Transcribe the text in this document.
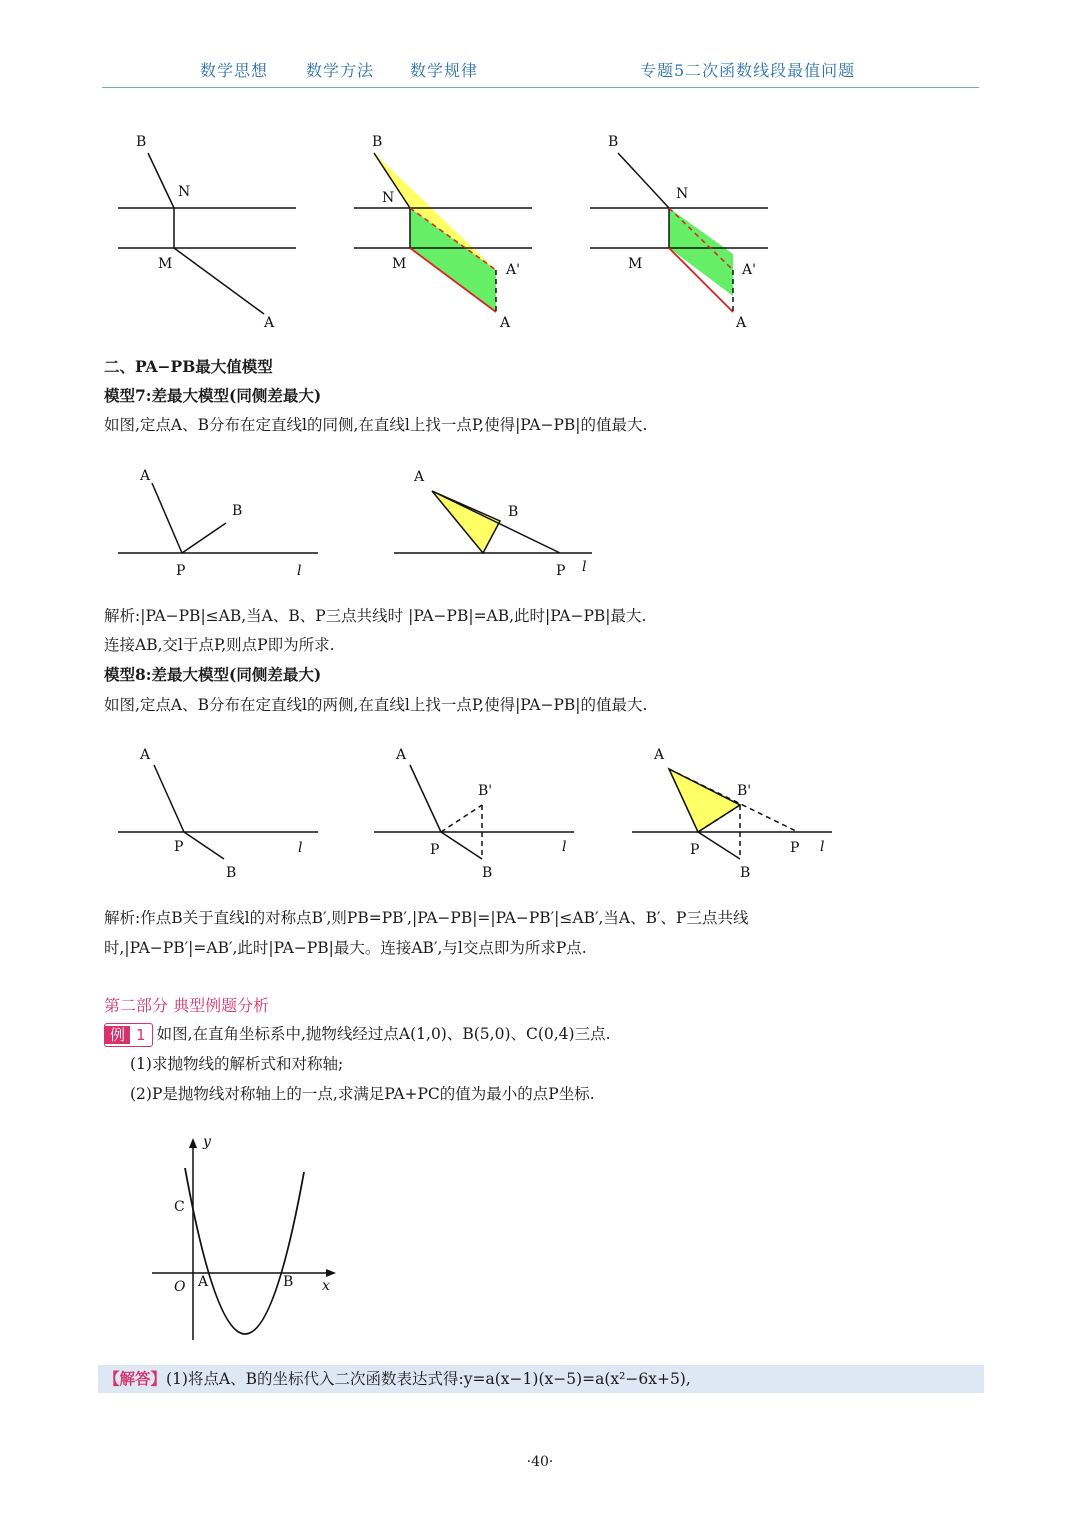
数学思想 数学方法 数学规律	专题5二次函数线段最值问题
B
N
M
A
B
N
M	A'
A
B
N
M	A'
A
二、PA−PB最大值模型
模型7:差最大模型(同侧差最大)
如图,定点A、B分布在定直线l的同侧,在直线l上找一点P,使得|PA−PB|的值最大.
A
B
P	l
A
B
P l
解析:|PA−PB|≤AB,当A、B、P三点共线时 |PA−PB|=AB,此时|PA−PB|最大.
连接AB,交l于点P,则点P即为所求.
模型8:差最大模型(同侧差最大)
如图,定点A、B分布在定直线l的两侧,在直线l上找一点P,使得|PA−PB|的值最大.
A
P
B
l
A
B'
P
B
l
A
B'
P
B
P l
解析:作点B关于直线l的对称点B′,则PB=PB′,|PA−PB|=|PA−PB′|≤AB′,当A、B′、P三点共线
时,|PA−PB′|=AB′,此时|PA−PB|最大。连接AB′,与l交点即为所求P点.
第二部分 典型例题分析
例 1 如图,在直角坐标系中,抛物线经过点A(1,0)、B(5,0)、C(0,4)三点.
(1)求抛物线的解析式和对称轴;
(2)P是抛物线对称轴上的一点,求满足PA+PC的值为最小的点P坐标.
y
C
O A	B x
【解答】(1)将点A、B的坐标代入二次函数表达式得:y=a(x−1)(x−5)=a(x²−6x+5),
·40·
